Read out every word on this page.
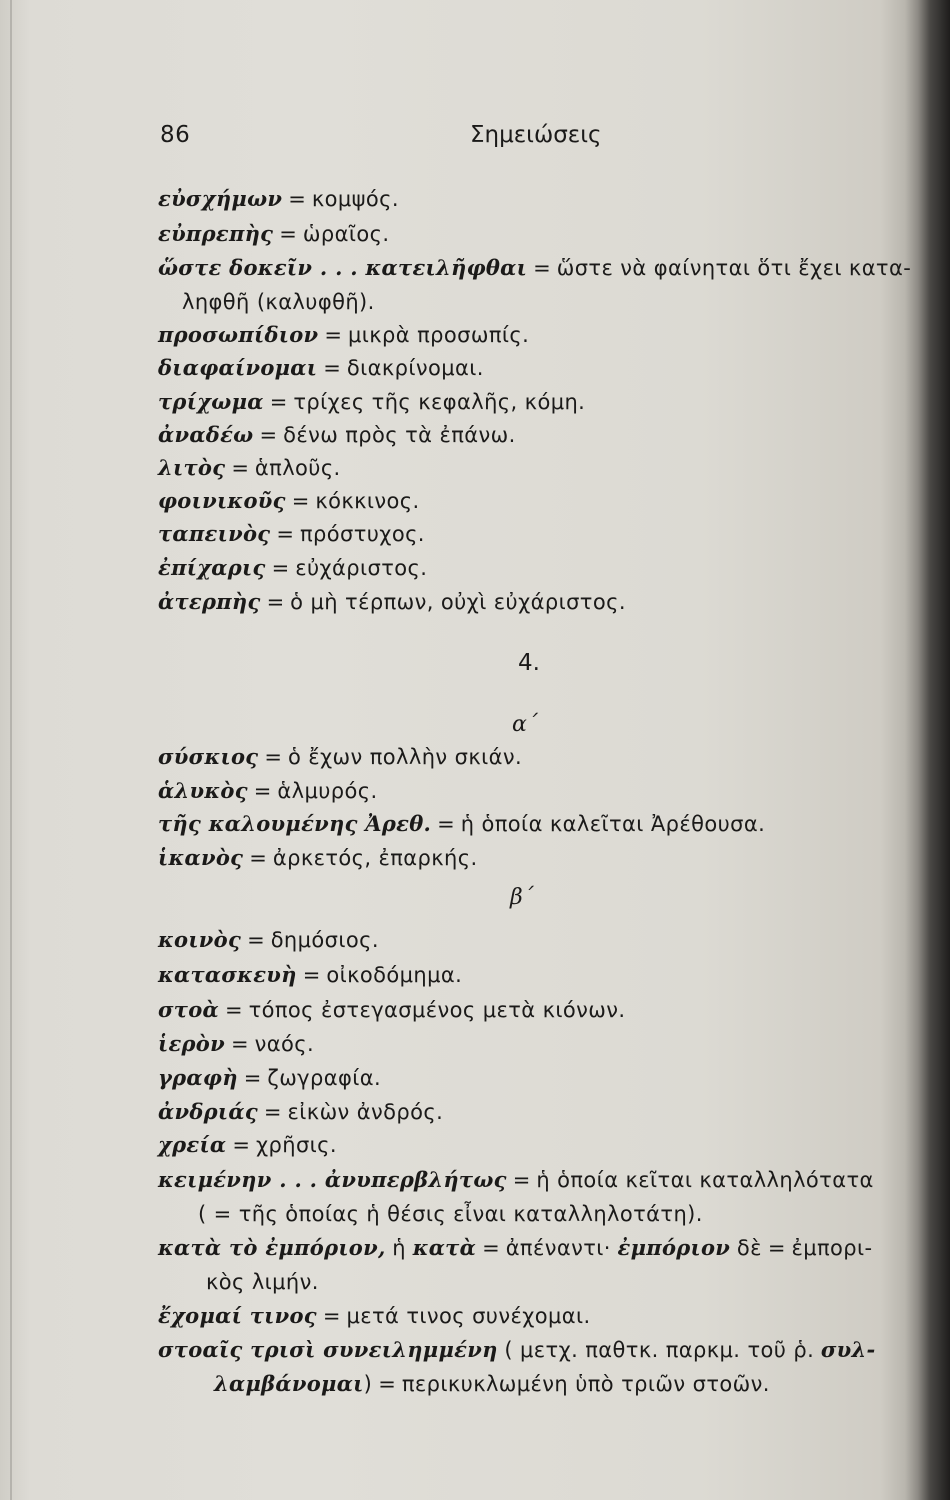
86	Σημειώσεις
εὐσχήμων = κομψός.
εὐπρεπὴς = ὡραῖος.
ὥστε δοκεῖν . . . κατειλῆφθαι = ὥστε νὰ φαίνηται ὅτι ἔχει κατα-
ληφθῆ (καλυφθῆ).
προσωπίδιον = μικρὰ προσωπίς.
διαφαίνομαι = διακρίνομαι.
τρίχωμα = τρίχες τῆς κεφαλῆς, κόμη.
ἀναδέω = δένω πρὸς τὰ ἐπάνω.
λιτὸς = ἁπλοῦς.
φοινικοῦς = κόκκινος.
ταπεινὸς = πρόστυχος.
ἐπίχαρις = εὐχάριστος.
ἀτερπὴς = ὁ μὴ τέρπων, οὐχὶ εὐχάριστος.
4.
α΄
σύσκιος = ὁ ἔχων πολλὴν σκιάν.
ἁλυκὸς = ἁλμυρός.
τῆς καλουμένης Ἀρεθ. = ἡ ὁποία καλεῖται Ἀρέθουσα.
ἱκανὸς = ἀρκετός, ἐπαρκής.
β΄
κοινὸς = δημόσιος.
κατασκευὴ = οἰκοδόμημα.
στοὰ = τόπος ἐστεγασμένος μετὰ κιόνων.
ἱερὸν = ναός.
γραφὴ = ζωγραφία.
ἀνδριάς = εἰκὼν ἀνδρός.
χρεία = χρῆσις.
κειμένην . . . ἀνυπερβλήτως = ἡ ὁποία κεῖται καταλληλότατα
( = τῆς ὁποίας ἡ θέσις εἶναι καταλληλοτάτη).
κατὰ τὸ ἐμπόριον, ἡ κατὰ = ἀπέναντι· ἐμπόριον δὲ = ἐμπορι-
κὸς λιμήν.
ἔχομαί τινος = μετά τινος συνέχομαι.
στοαῖς τρισὶ συνειλημμένη ( μετχ. παθτκ. παρκμ. τοῦ ῥ. συλ-
λαμβάνομαι) = περικυκλωμένη ὑπὸ τριῶν στοῶν.
